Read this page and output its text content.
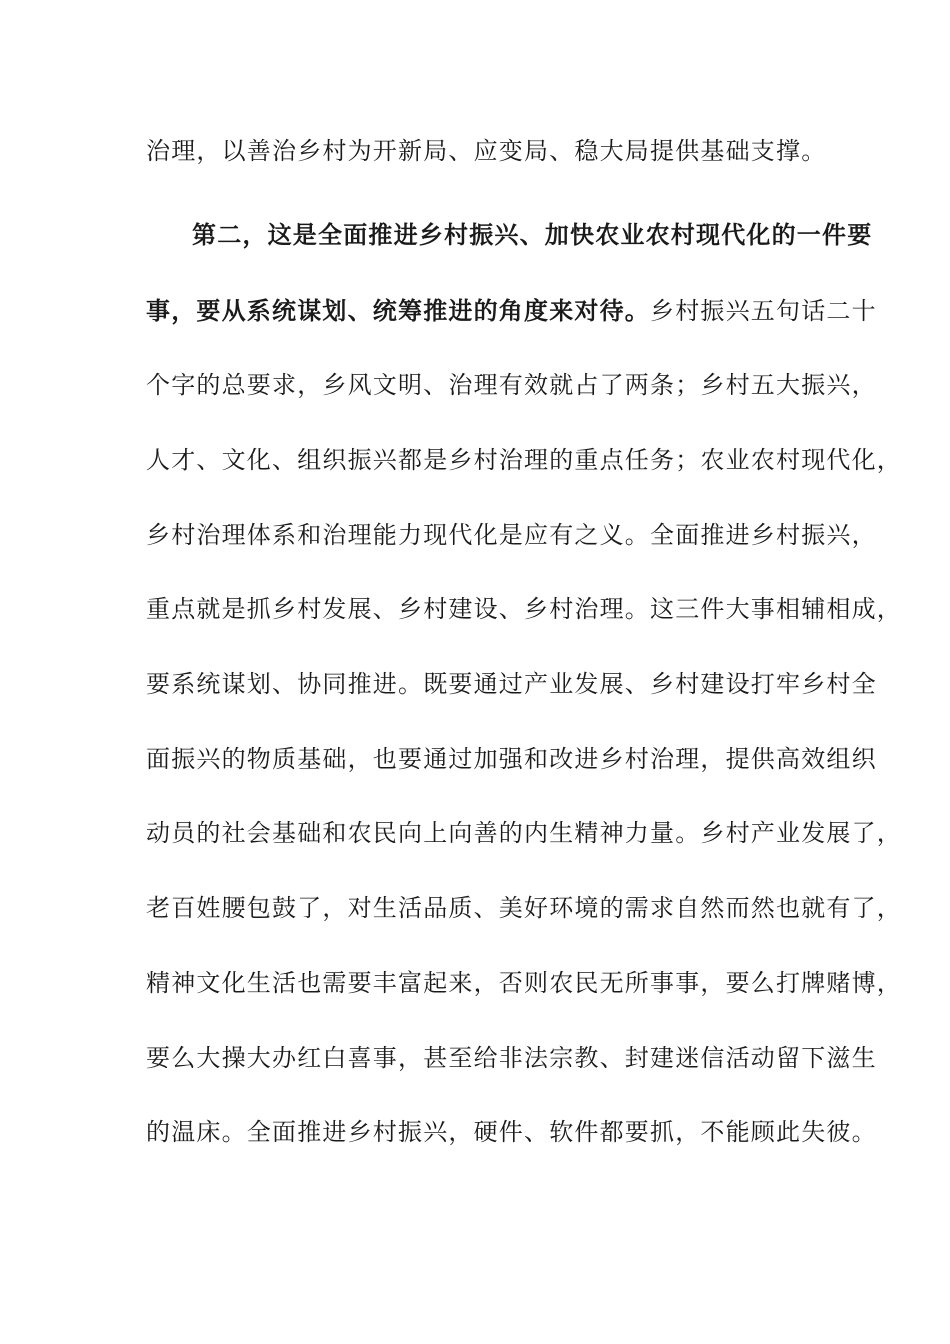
治理，以善治乡村为开新局、应变局、稳大局提供基础支撑。
第二，这是全面推进乡村振兴、加快农业农村现代化的一件要
事，要从系统谋划、统筹推进的角度来对待。乡村振兴五句话二十
个字的总要求，乡风文明、治理有效就占了两条；乡村五大振兴，
人才、文化、组织振兴都是乡村治理的重点任务；农业农村现代化，
乡村治理体系和治理能力现代化是应有之义。全面推进乡村振兴，
重点就是抓乡村发展、乡村建设、乡村治理。这三件大事相辅相成，
要系统谋划、协同推进。既要通过产业发展、乡村建设打牢乡村全
面振兴的物质基础，也要通过加强和改进乡村治理，提供高效组织
动员的社会基础和农民向上向善的内生精神力量。乡村产业发展了，
老百姓腰包鼓了，对生活品质、美好环境的需求自然而然也就有了，
精神文化生活也需要丰富起来，否则农民无所事事，要么打牌赌博，
要么大操大办红白喜事，甚至给非法宗教、封建迷信活动留下滋生
的温床。全面推进乡村振兴，硬件、软件都要抓，不能顾此失彼。
